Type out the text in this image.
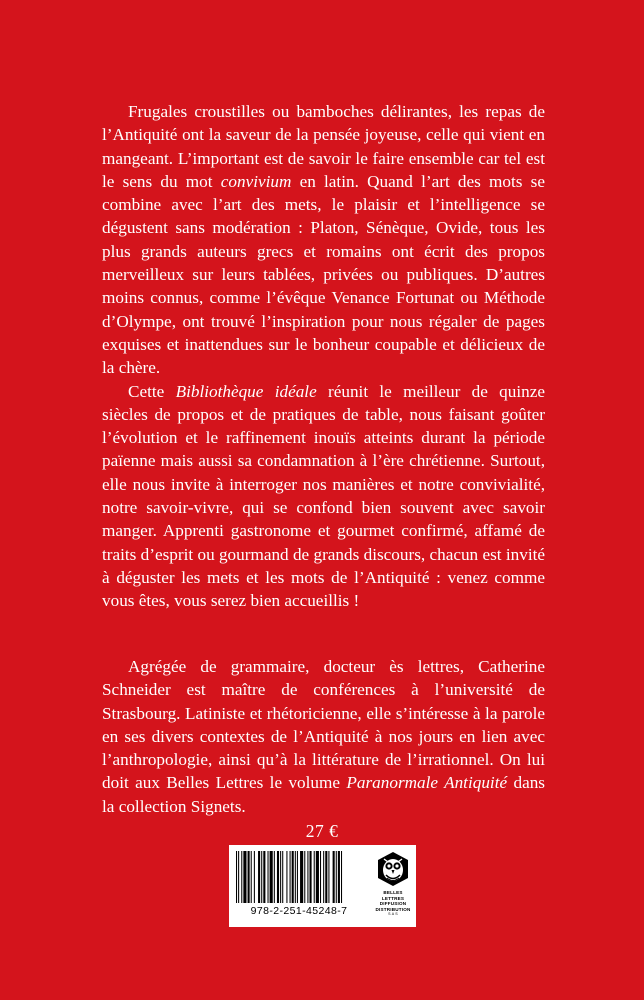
Frugales croustilles ou bamboches délirantes, les repas de l’Antiquité ont la saveur de la pensée joyeuse, celle qui vient en mangeant. L’important est de savoir le faire ensemble car tel est le sens du mot convivium en latin. Quand l’art des mots se combine avec l’art des mets, le plaisir et l’intelligence se dégustent sans modération : Platon, Sénèque, Ovide, tous les plus grands auteurs grecs et romains ont écrit des propos merveilleux sur leurs tablées, privées ou publiques. D’autres moins connus, comme l’évêque Venance Fortunat ou Méthode d’Olympe, ont trouvé l’inspiration pour nous régaler de pages exquises et inattendues sur le bonheur coupable et délicieux de la chère.

Cette Bibliothèque idéale réunit le meilleur de quinze siècles de propos et de pratiques de table, nous faisant goûter l’évolution et le raffinement inouïs atteints durant la période païenne mais aussi sa condamnation à l’ère chrétienne. Surtout, elle nous invite à interroger nos manières et notre convivialité, notre savoir-vivre, qui se confond bien souvent avec savoir manger. Apprenti gastronome et gourmet confirmé, affamé de traits d’esprit ou gourmand de grands discours, chacun est invité à déguster les mets et les mots de l’Antiquité : venez comme vous êtes, vous serez bien accueillis !

Agrégée de grammaire, docteur ès lettres, Catherine Schneider est maître de conférences à l’université de Strasbourg. Latiniste et rhétoricienne, elle s’intéresse à la parole en ses divers contextes de l’Antiquité à nos jours en lien avec l’anthropologie, ainsi qu’à la littérature de l’irrationnel. On lui doit aux Belles Lettres le volume Paranormale Antiquité dans la collection Signets.

27 €
978-2-251-45248-7
BELLES LETTRES
DIFFUSION
DISTRIBUTION
S A S
